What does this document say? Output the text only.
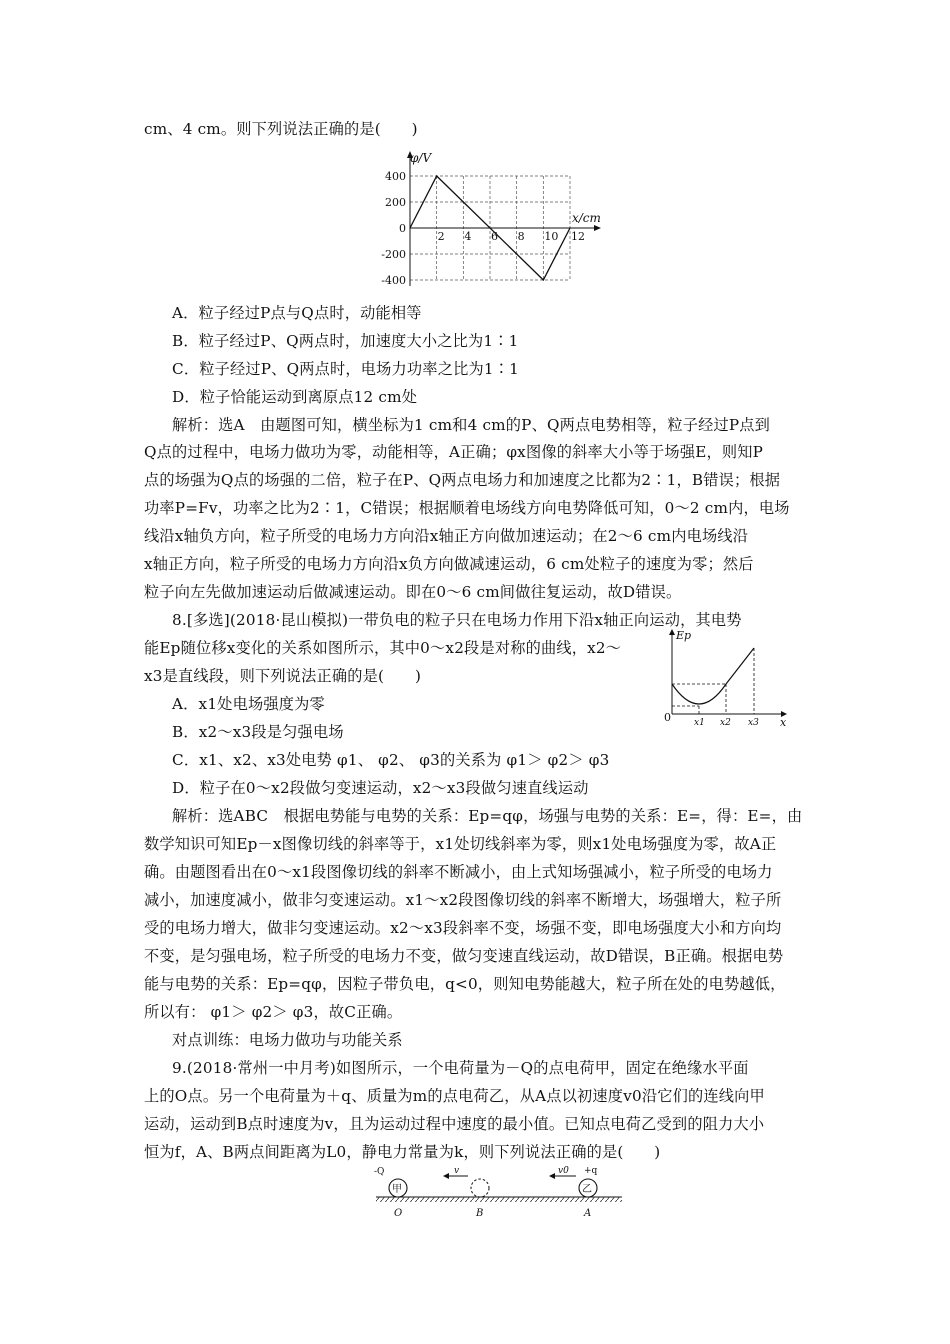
cm、4 cm。则下列说法正确的是(　　)
φ/V
x/cm
0
400
200
-200
-400
2 4 6 8 10 12
A．粒子经过P点与Q点时，动能相等
B．粒子经过P、Q两点时，加速度大小之比为1∶1
C．粒子经过P、Q两点时，电场力功率之比为1∶1
D．粒子恰能运动到离原点12 cm处
解析：选A　由题图可知，横坐标为1 cm和4 cm的P、Q两点电势相等，粒子经过P点到
Q点的过程中，电场力做功为零，动能相等，A正确；φx图像的斜率大小等于场强E，则知P
点的场强为Q点的场强的二倍，粒子在P、Q两点电场力和加速度之比都为2∶1，B错误；根据
功率P=Fv，功率之比为2∶1，C错误；根据顺着电场线方向电势降低可知，0～2 cm内，电场
线沿x轴负方向，粒子所受的电场力方向沿x轴正方向做加速运动；在2～6 cm内电场线沿
x轴正方向，粒子所受的电场力方向沿x负方向做减速运动，6 cm处粒子的速度为零；然后
粒子向左先做加速运动后做减速运动。即在0～6 cm间做往复运动，故D错误。
8.[多选](2018·昆山模拟)一带负电的粒子只在电场力作用下沿x轴正向运动，其电势
能Ep随位移x变化的关系如图所示，其中0～x2段是对称的曲线，x2～
x3是直线段，则下列说法正确的是(　　)
Ep
x
0	x1 x2 x3
A．x1处电场强度为零
B．x2～x3段是匀强电场
C．x1、x2、x3处电势 φ1、 φ2、 φ3的关系为 φ1＞ φ2＞ φ3
D．粒子在0～x2段做匀变速运动，x2～x3段做匀速直线运动
解析：选ABC　根据电势能与电势的关系：Ep=qφ，场强与电势的关系：E=，得：E=，由
数学知识可知Ep－x图像切线的斜率等于，x1处切线斜率为零，则x1处电场强度为零，故A正
确。由题图看出在0～x1段图像切线的斜率不断减小，由上式知场强减小，粒子所受的电场力
减小，加速度减小，做非匀变速运动。x1～x2段图像切线的斜率不断增大，场强增大，粒子所
受的电场力增大，做非匀变速运动。x2～x3段斜率不变，场强不变，即电场强度大小和方向均
不变，是匀强电场，粒子所受的电场力不变，做匀变速直线运动，故D错误，B正确。根据电势
能与电势的关系：Ep=qφ，因粒子带负电，q<0，则知电势能越大，粒子所在处的电势越低，
所以有： φ1＞ φ2＞ φ3，故C正确。
对点训练：电场力做功与功能关系
9.(2018·常州一中月考)如图所示，一个电荷量为－Q的点电荷甲，固定在绝缘水平面
上的O点。另一个电荷量为＋q、质量为m的点电荷乙，从A点以初速度v0沿它们的连线向甲
运动，运动到B点时速度为v，且为运动过程中速度的最小值。已知点电荷乙受到的阻力大小
恒为f，A、B两点间距离为L0，静电力常量为k，则下列说法正确的是(　　)
甲
-Q	v
乙
+q
v0
O	B	A
